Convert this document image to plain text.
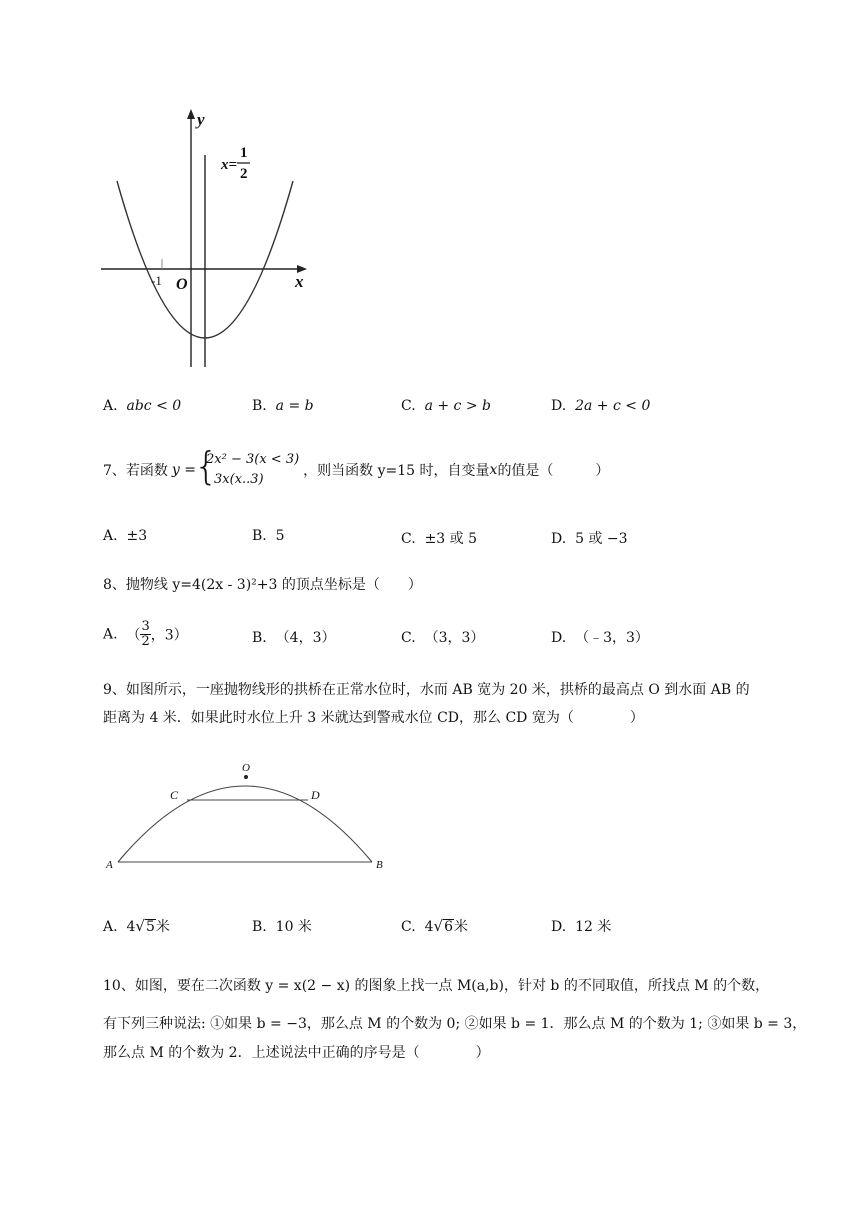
y
x
O
-1
x=
1
2
A. abc < 0	B. a = b	C. a + c > b	D. 2a + c < 0
7、若函数 y =
{ 2x² − 3(x < 3)
3x(x..3)
，则当函数 y=15 时，自变量x的值是（　　　）
A. ±3	B. 5	C. ±3 或 5	D. 5 或 −3
8、抛物线 y=4(2x - 3)²+3 的顶点坐标是（　　）
A. （ $\frac{3}{2}$ ，3）	B. （4，3）	C. （3，3）	D. （﹣3，3）
9、如图所示，一座抛物线形的拱桥在正常水位时，水而 AB 宽为 20 米，拱桥的最高点 O 到水面 AB 的
距离为 4 米．如果此时水位上升 3 米就达到警戒水位 CD，那么 CD 宽为（　　　　）
O
C	D
A	B
A. 4√5米	B. 10 米	C. 4√6米	D. 12 米
10、如图，要在二次函数 y = x(2 − x) 的图象上找一点 M(a,b)，针对 b 的不同取值，所找点 M 的个数，
有下列三种说法: ①如果 b = −3，那么点 M 的个数为 0; ②如果 b = 1．那么点 M 的个数为 1; ③如果 b = 3，
那么点 M 的个数为 2．上述说法中正确的序号是（　　　　）
